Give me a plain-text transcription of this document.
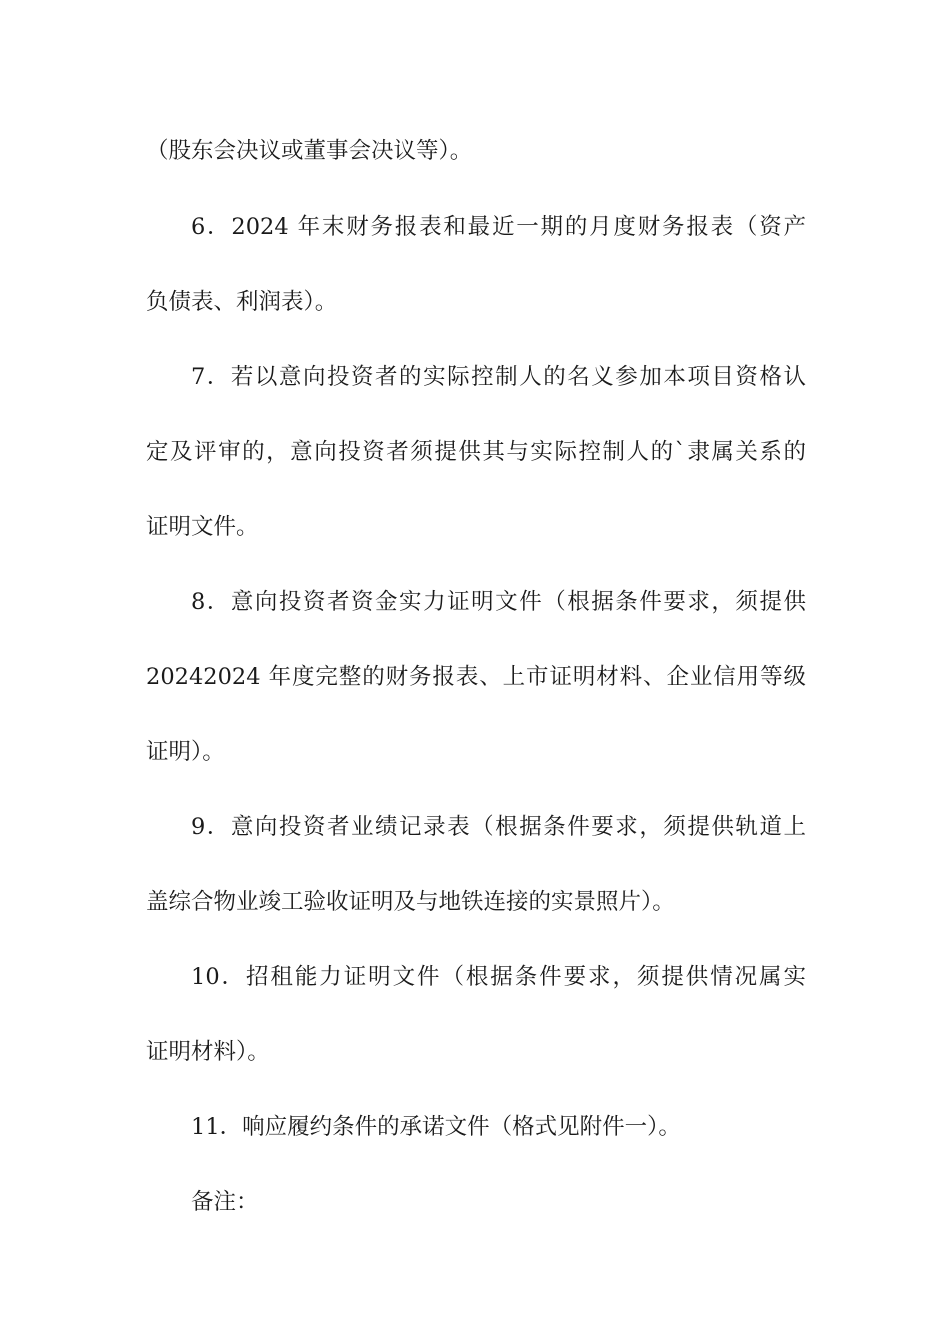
（股东会决议或董事会决议等）。
6．2024 年末财务报表和最近一期的月度财务报表（资产
负债表、利润表）。
7．若以意向投资者的实际控制人的名义参加本项目资格认
定及评审的，意向投资者须提供其与实际控制人的`隶属关系的
证明文件。
8．意向投资者资金实力证明文件（根据条件要求，须提供
20242024 年度完整的财务报表、上市证明材料、企业信用等级
证明）。
9．意向投资者业绩记录表（根据条件要求，须提供轨道上
盖综合物业竣工验收证明及与地铁连接的实景照片）。
10．招租能力证明文件（根据条件要求，须提供情况属实
证明材料）。
11．响应履约条件的承诺文件（格式见附件一）。
备注：
